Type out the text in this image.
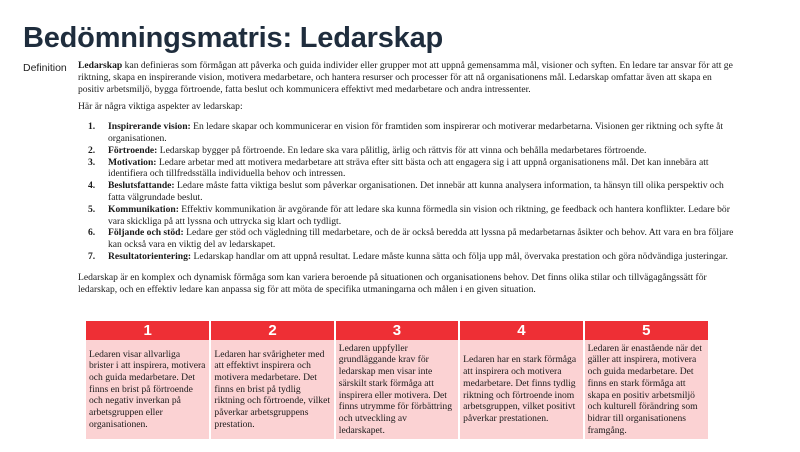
Bedömningsmatris: Ledarskap
Definition Ledarskap kan definieras som förmågan att påverka och guida individer eller grupper mot att uppnå gemensamma mål, visioner och syften. En ledare tar ansvar för att ge riktning, skapa en inspirerande vision, motivera medarbetare, och hantera resurser och processer för att nå organisationens mål. Ledarskap omfattar även att skapa en positiv arbetsmiljö, bygga förtroende, fatta beslut och kommunicera effektivt med medarbetare och andra intressenter.

Här är några viktiga aspekter av ledarskap:

1. Inspirerande vision: En ledare skapar och kommunicerar en vision för framtiden som inspirerar och motiverar medarbetarna. Visionen ger riktning och syfte åt organisationen.
2. Förtroende: Ledarskap bygger på förtroende. En ledare ska vara pålitlig, ärlig och rättvis för att vinna och behålla medarbetares förtroende.
3. Motivation: Ledare arbetar med att motivera medarbetare att sträva efter sitt bästa och att engagera sig i att uppnå organisationens mål. Det kan innebära att identifiera och tillfredsställa individuella behov och intressen.
4. Beslutsfattande: Ledare måste fatta viktiga beslut som påverkar organisationen. Det innebär att kunna analysera information, ta hänsyn till olika perspektiv och fatta välgrundade beslut.
5. Kommunikation: Effektiv kommunikation är avgörande för att ledare ska kunna förmedla sin vision och riktning, ge feedback och hantera konflikter. Ledare bör vara skickliga på att lyssna och uttrycka sig klart och tydligt.
6. Följande och stöd: Ledare ger stöd och vägledning till medarbetare, och de är också beredda att lyssna på medarbetarnas åsikter och behov. Att vara en bra följare kan också vara en viktig del av ledarskapet.
7. Resultatorientering: Ledarskap handlar om att uppnå resultat. Ledare måste kunna sätta och följa upp mål, övervaka prestation och göra nödvändiga justeringar.

Ledarskap är en komplex och dynamisk förmåga som kan variera beroende på situationen och organisationens behov. Det finns olika stilar och tillvägagångssätt för ledarskap, och en effektiv ledare kan anpassa sig för att möta de specifika utmaningarna och målen i en given situation.

1	2	3	4	5
Ledaren visar allvarliga brister i att inspirera, motivera och guida medarbetare. Det finns en brist på förtroende och negativ inverkan på arbetsgruppen eller organisationen.	Ledaren har svårigheter med att effektivt inspirera och motivera medarbetare. Det finns en brist på tydlig riktning och förtroende, vilket påverkar arbetsgruppens prestation.	Ledaren uppfyller grundläggande krav för ledarskap men visar inte särskilt stark förmåga att inspirera eller motivera. Det finns utrymme för förbättring och utveckling av ledarskapet.	Ledaren har en stark förmåga att inspirera och motivera medarbetare. Det finns tydlig riktning och förtroende inom arbetsgruppen, vilket positivt påverkar prestationen.	Ledaren är enastående när det gäller att inspirera, motivera och guida medarbetare. Det finns en stark förmåga att skapa en positiv arbetsmiljö och kulturell förändring som bidrar till organisationens framgång.
